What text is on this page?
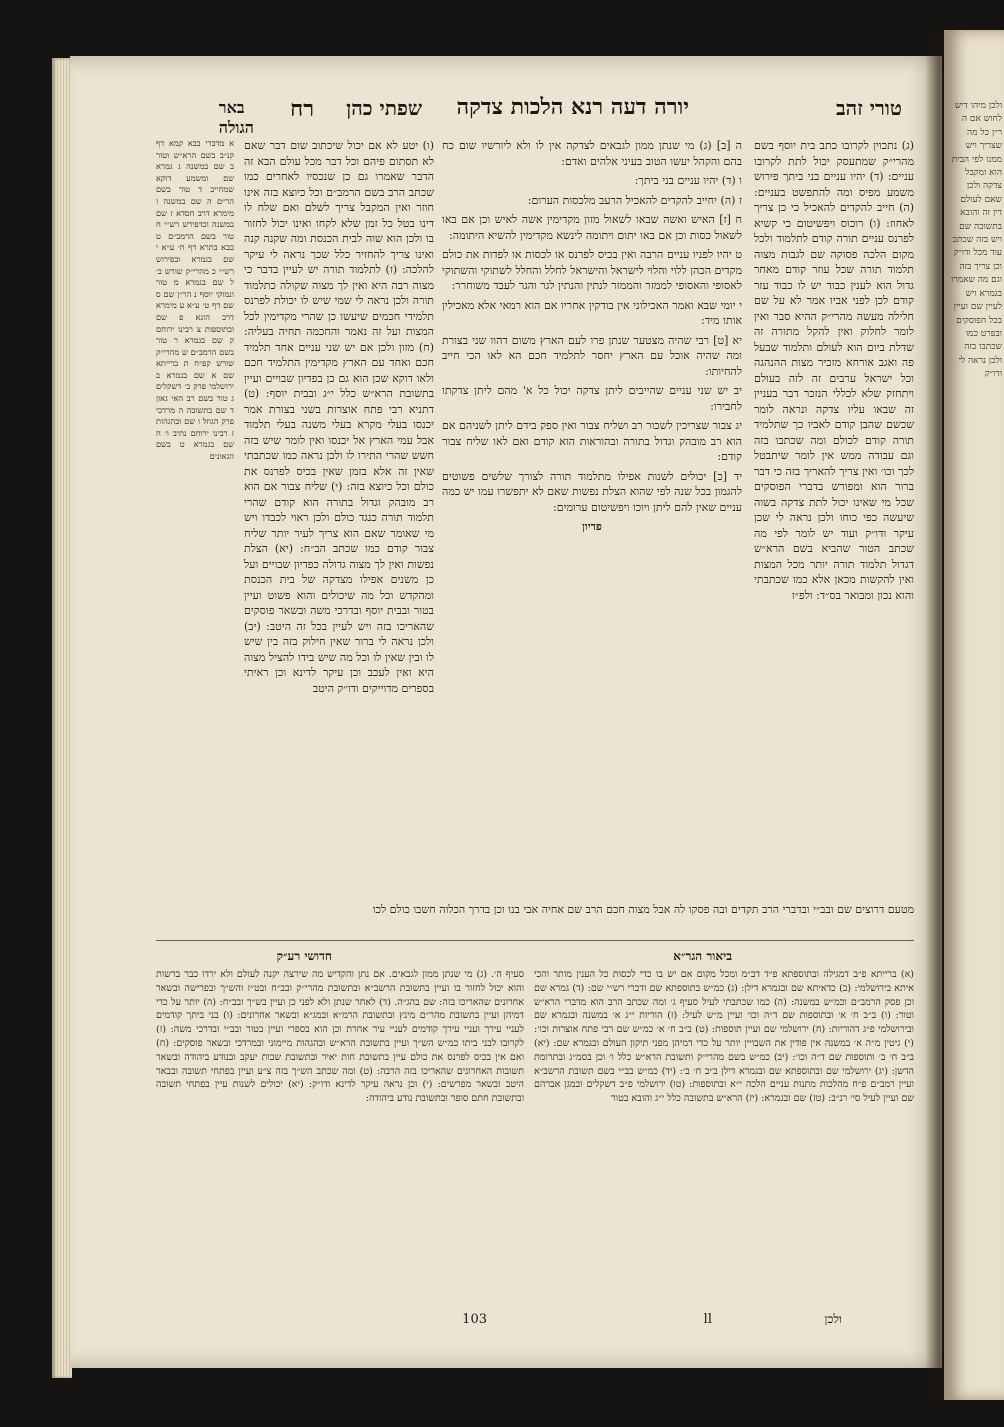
טורי זהב
יורה דעה רנא הלכות צדקה
שפתי כהן
רח
באר הגולה
(ג) נתכוין לקרובו כתב בית יוסף בשם מהרי״ק שמתעסק יכול לתת לקרובו עניים: (ד) יהיו עניים בני ביתך פירוש משמע מפיס ומה להתפשט בעניים: (ה) חייב להקדים להאכיל כי כן צריך לאחוז: (ו) רוכוס ויפשיטום כי קשיא לפרנס עניים תורה קודם לתלמוד ולכל מקום הלכה פסוקה שם לגבות מצוה תלמוד תורה שכל עוזר קודם מאחר גדול הוא לענין כבוד יש לו כבוד עזר קודם לכן לפני אביו אמר לא על שם חלילה מעשה מהרי״ק ההיא סבר ואין לומר לחלוק ואין להקל מתורה זה שדלת ביום הוא לעולם ותלמוד שבעל פה ואגב אורחא מזכיר מצות ההנהגה וכל ישראל ערבים זה לזה בעולם ויתחזק שלא לכללי הנזכר דבר בעניין זה שבאו עליו צדקה ונראה לומר שכשם שהבן קודם לאביו כך שתלמיד תורה קודם לכולם ומה שכתבו בזה וגם עבודה ממש אין לומר שיתבטל לכך וכו׳ ואין צריך להאריך בזה כי דבר ברור הוא ומפורש בדברי הפוסקים שכל מי שאינו יכול לתת צדקה בשוה שיעשה כפי כוחו ולכן נראה לי שכן עיקר ודו״ק ועוד יש לומר לפי מה שכתב הטור שהביא בשם הרא״ש דגדול תלמוד תורה יותר מכל המצות ואין להקשות מכאן אלא כמו שכתבתי והוא נכון ומבואר בס״ד: ולפ״ז

ה [ב] (ג) מי שנתן ממון לגבאים לצדקה אין לו ולא ליורשיו שום כח בהם והקהל יעשו הטוב בעיני אלהים ואדם:

ו (ד) יהיו עניים בני ביתך:

ז (ה) יחייב להקדים להאכיל הרעב מלכסות הערום:

ח [ז] האיש ואשה שבאו לשאול מזון מקדימין אשה לאיש וכן אם באו לשאול כסות וכן אם באו יתום ויתומה לינשא מקדימין להשיא היתומה:

ט יהיו לפניו עניים הרבה ואין בכיס לפרנס או לכסות או לפדות את כולם מקדים הכהן ללוי והלוי לישראל והישראל לחלל והחלל לשתוקי והשתוקי לאסופי והאסופי לממזר והממזר לנתין והנתין לגר והגר לעבד משוחרר:

י יומי שבא ואמר האכילוני אין בודקין אחריו אם הוא רמאי אלא מאכילין אותו מיד:

יא [ט] רבי שהיה מצטער שנתן פרו לעם הארץ משום דהוו שני בצורת ומה שהיה אוכל עם הארץ יחסר לתלמיד חכם הא לאו הכי חייב להחיותו:

יב יש שני עניים שהייבים ליתן צדקה יכול כל א' מהם ליתן צדקתו לחבירו:

יג צבור שצריכין לשכור רב ושליח צבור ואין ספק בידם ליתן לשניהם אם הוא רב מובהק וגדול בתורה ובהוראות הוא קודם ואם לאו שליח צבור קודם:

יד [כ] יכולים לשנות אפילו מתלמוד תורה לצורך שלשים פשוטים להגמון בכל שנה לפי שהוא הצלת נפשות שאם לא יתפשרו עמו יש כמה עניים שאין להם ליתן ויוכו ויפשיטום ערומים:

פדיון
(ו) יטע לא אם יכול שיכתוב שום דבר שאם לא תסתום פיהם וכל דבר מכל עולם הבא זה הדבר שאמרו גם כן שנכסיו לאחרים כמו שכתב הרב בשם הרמב״ם וכל כיוצא בזה אינו חוזר ואין המקבל צריך לשלם ואם שלח לו דינו בטל כל זמן שלא לקחו ואינו יכול לחזור בו ולכן הוא שוה לבית הכנסת ומה שקנה קנה ואינו צריך להחזיר כלל שכך נראה לי עיקר להלכה: (ז) לתלמוד תורה יש לעיין בדבר כי מצוה רבה היא ואין לך מצוה שקולה כתלמוד תורה ולכן נראה לי שמי שיש לו יכולת לפרנס תלמידי חכמים שיעשו כן שהרי מקדימין לכל המצות ועל זה נאמר והחכמה תחיה בעליה: (ח) מזון ולכן אם יש שני עניים אחד תלמיד חכם ואחד עם הארץ מקדימין התלמיד חכם ולאו דוקא שכן הוא גם כן בפדיון שבויים ועיין בתשובת הרא״ש כלל י״ג ובבית יוסף: (ט) דתניא רבי פתח אוצרות בשני בצורת אמר יכנסו בעלי מקרא בעלי משנה בעלי תלמוד אבל עמי הארץ אל יכנסו ואין לומר שיש בזה חשש שהרי התירו לו ולכן נראה כמו שכתבתי שאין זה אלא בזמן שאין בכיס לפרנס את כולם וכל כיוצא בזה: (י) שליח צבור אם הוא רב מובהק וגדול בתורה הוא קודם שהרי תלמוד תורה כנגד כולם ולכן ראוי לכבדו ויש מי שאומר שאם הוא צריך לעיר יותר שליח צבור קודם כמו שכתב הב״ח: (יא) הצלת נפשות ואין לך מצוה גדולה כפדיון שבויים ועל כן משנים אפילו מצדקה של בית הכנסת ומהקדש וכל מה שיכולים והוא פשוט ועיין בטור ובבית יוסף ובדרכי משה ובשאר פוסקים שהאריכו בזה ויש לעיין בכל זה היטב: (יב) ולכן נראה לי ברור שאין חילוק בזה בין שיש לו ובין שאין לו וכל מה שיש בידו להציל מצוה היא ואין לעכב וכן עיקר לדינא וכן ראיתי בספרים מדוייקים ודו״ק היטב
א מדברי בבא קמא דף קנ״ב בשם הרא״ש וטור ב שם במשנה ג גמרא שם ומשמע דוקא שמחייב ד טור בשם הר״ם ה שם במשנה ו מימרא דרב חסדא ז שם במשנה וכדפירש רש״י ח טור בשם הרמב״ם ט בבא בתרא דף ח׳ ע״א י שם בגמרא ובפירוש רש״י כ מהרי״ק שורש ב׳ ל שם בגמרא מ טור ונמוקי יוסף נ הר״ן שם ס שם דף ט׳ ע״א ע מימרא דרב הונא פ שם ובתוספות צ רבינו ירוחם ק שם בגמרא ר טור בשם הרמב״ם ש מהרי״ק שורש קפ״ח ת ברייתא שם א שם בגמרא ב ירושלמי פרק ב׳ דשקלים ג טור בשם רב האי גאון ד שם בתשובה ה מרדכי פרק הגוזל ו שם ובהגהות ז רבינו ירוחם נתיב ו׳ ח שם בגמרא ט בשם הגאונים
מטעם דרוצים שם ובב״י ובדברי הרב תקדים ובה פסקו לה אבל מצוה חכם הרב שם אחיה אבי בנו וכן בדרך הכלוה חשבו כולם לכו
ביאור הגר״א
חדושי רע״ק
(א) ברייתא פ״ב דמגילה ובתוספתא פ״ד דב״מ ומכל מקום אם יש בו כדי לכסות כל הענין מותר והכי איתא בירושלמי: (ב) כדאיתא שם ובגמרא דילן: (ג) כמ״ש בתוספתא שם ודברי רש״י שם: (ד) גמרא שם וכן פסק הרמב״ם וכמ״ש במשנה: (ה) כמו שכתבתי לעיל סעיף ג׳ ומה שכתב הרב הוא מדברי הרא״ש וטור: (ו) ב״ב ח׳ א׳ ובתוספות שם ד״ה וכו׳ ועיין מ״ש לעיל: (ז) הוריות י״ג א׳ במשנה ובגמרא שם ובירושלמי פ״ג דהוריות: (ח) ירושלמי שם ועיין תוספות: (ט) ב״ב ח׳ א׳ כמ״ש שם רבי פתח אוצרות וכו׳: (י) גיטין מ״ה א׳ במשנה אין פודין את השבויין יותר על כדי דמיהן מפני תיקון העולם ובגמרא שם: (יא) ב״ב ח׳ ב׳ ותוספות שם ד״ה וכו׳: (יב) כמ״ש בשם מהרי״ק ותשובת הרא״ש כלל ו׳ וכן בסמ״ג ובתרומת הדשן: (יג) ירושלמי שם ובתוספתא שם ובגמרא דילן ב״ב ח׳ ב׳: (יד) כמ״ש בב״י בשם תשובת הרשב״א ועיין רמב״ם פ״ח מהלכות מתנות עניים הלכה י״א ובתוספות: (טו) ירושלמי פ״ב דשקלים ובמגן אברהם שם ועיין לעיל סי׳ רנ״ב: (טז) שם ובגמרא: (יז) הרא״ש בתשובה כלל י״ג והובא בטור
סעיף ה׳. (ג) מי שנתן ממון לגבאים. אם נתן והקדיש מה שירצה יקנה לעולם ולא ירדו כבר ברשות והוא יכול לחזור בו ועיין בתשובת הרשב״א ובתשובת מהרי״ק ובב״ח ובט״ז והש״ך ובפרישה ובשאר אחרונים שהאריכו בזה: שם בהג״ה. (ד) לאחר שנתן ולא לפני כן ועיין בש״ך ובב״ח: (ה) יותר על כדי דמיהן ועיין בתשובת מהר״ם מינץ ובתשובת הרמ״א ובמג״א ובשאר אחרונים: (ו) בני ביתך קודמים לעניי עירך ועניי עירך קודמים לעניי עיר אחרת וכן הוא בספרי ועיין בטור ובב״י ובדרכי משה: (ז) לקרובו לבני ביתו כמ״ש הש״ך ועיין בתשובת הרא״ש ובהגהות מיימוני ובמרדכי ובשאר פוסקים: (ח) ואם אין בכיס לפרנס את כולם עיין בתשובת חות יאיר ובתשובת שבות יעקב ובנודע ביהודה ובשאר תשובות האחרונים שהאריכו בזה הרבה: (ט) ומה שכתב הש״ך בזה צ״ע ועיין בפתחי תשובה ובבאר היטב ובשאר מפרשים: (י) וכן נראה עיקר לדינא ודו״ק: (יא) יכולים לשנות עיין בפתחי תשובה ובתשובת חתם סופר ובתשובת נודע ביהודה:
ll
103	ולכן
ולכן מיהו דיש לחוש אם ה ר״ן כל מה שצריך ויש ממנו לפי הבית הוא ומקבל צדקה ולכן שאם לעולם דין זה והובא בתשובה שם ויש בזה שכתב עוד מכל ודו״ק וכן צריך בזה וגם מה שאמרו בגמרא ויש לעיין שם ועיין בכל הפוסקים ובפרט כמו שכתבו בזה ולכן נראה לי ודו״ק
